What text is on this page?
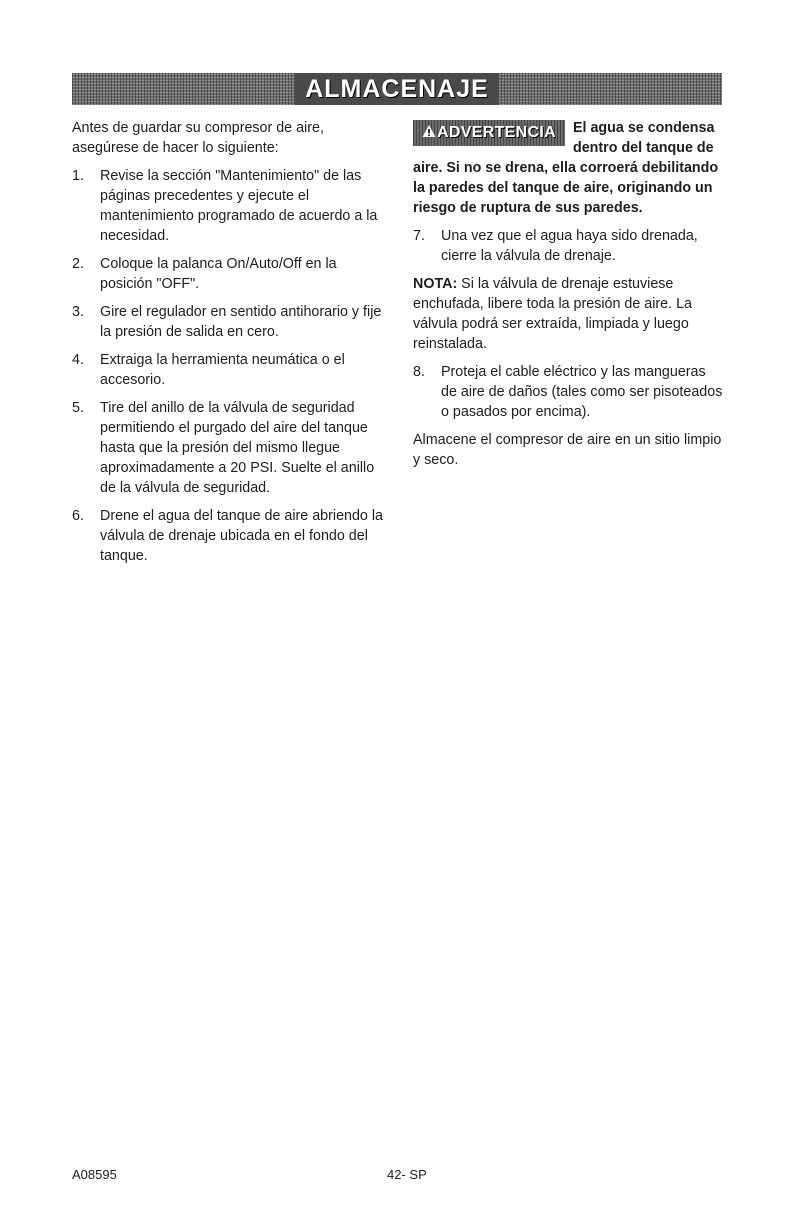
ALMACENAJE

Antes de guardar su compresor de aire, asegúrese de hacer lo siguiente:

1. Revise la sección "Mantenimiento" de las páginas precedentes y ejecute el mantenimiento programado de acuerdo a la necesidad.
2. Coloque la palanca On/Auto/Off en la posición "OFF".
3. Gire el regulador en sentido antihorario y fije la presión de salida en cero.
4. Extraiga la herramienta neumática o el accesorio.
5. Tire del anillo de la válvula de seguridad permitiendo el purgado del aire del tanque hasta que la presión del mismo llegue aproximadamente a 20 PSI. Suelte el anillo de la válvula de seguridad.
6. Drene el agua del tanque de aire abriendo la válvula de drenaje ubicada en el fondo del tanque.
ADVERTENCIA	El agua se condensa dentro del tanque de aire. Si no se drena, ella corroerá debilitando la paredes del tanque de aire, originando un riesgo de ruptura de sus paredes.
7. Una vez que el agua haya sido drenada, cierre la válvula de drenaje.

NOTA: Si la válvula de drenaje estuviese enchufada, libere toda la presión de aire. La válvula podrá ser extraída, limpiada y luego reinstalada.

8. Proteja el cable eléctrico y las mangueras de aire de daños (tales como ser pisoteados o pasados por encima).

Almacene el compresor de aire en un sitio limpio y seco.

A08595	42- SP
